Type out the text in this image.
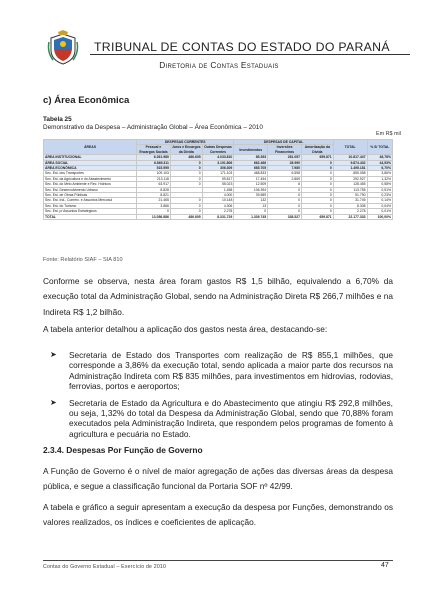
TRIBUNAL DE CONTAS DO ESTADO DO PARANÁ
Diretoria de Contas Estaduais
c) Área Econômica
Tabela 25
Demonstrativo da Despesa – Administração Global – Área Econômica – 2010
Em R$ mil
ÁREAS	DESPESAS CORRENTES			DESPESAS DE CAPITAL			TOTAL	% S/ TOTAL
	Pessoal e Encargos Sociais	Juros e Encargos da Dívida	Outras Despesas Correntes	Investimentos	Inversões Financeiras	Amortização da Dívida		
ÁREA INSTITUCIONAL	6.261.980	486.605	4.033.810	85.393	281.057	659.871	10.817.447	48,78%
ÁREA SOCIAL	6.869.311	0	3.191.806	662.466	28.990	0	9.874.432	44,53%
ÁREA ECONÔMICA	515.595	0	306.309	665.705	7.980	0	1.495.181	6,70%
Sec. Est. dos Transportes	109.103	0	171.103	468.833	6.558	0	855.058	3,86%
Sec. Est. da Agricultura e do Abastecimento	213.118	0	59.817	17.454	2.869	0	292.927	1,32%
Sec. Est. do Meio Ambiente e Rec. Hídricos	63.917	0	55.023	12.509	6	0	128.455	0,58%
Sec. Est. Desenvolvimento Urbano	8.828		1.458	106.394	0	0	113.755	0,51%
Sec. Est. de Obras Públicas	8.821		4.000	39.589	0	0	51.790	0,23%
Sec. Est. Ind., Comérc. e Assuntos Mercosul	21.465	0	10.148	132	0	0	31.745	0,14%
Sec. Est. do Turismo	3.866	0	4.306	13	0	0	8.308	0,04%
Sec. Est. p/ Assuntos Estratégicos	0	0	2.278	0	0	0	2.278	0,01%
TOTAL	13.056.886	486.605	8.331.729	1.339.745	338.527	659.871	22.177.333	100,00%
Fonte: Relatório SIAF – SIA 810
Conforme se observa, nesta área foram gastos R$ 1,5 bilhão, equivalendo a 6,70% da execução total da Administração Global, sendo na Administração Direta R$ 266,7 milhões e na Indireta R$ 1,2 bilhão.
A tabela anterior detalhou a aplicação dos gastos nesta área, destacando-se:
➤ Secretaria de Estado dos Transportes com realização de R$ 855,1 milhões, que corresponde a 3,86% da execução total, sendo aplicada a maior parte dos recursos na Administração Indireta com R$ 835 milhões, para investimentos em hidrovias, rodovias, ferrovias, portos e aeroportos;
➤ Secretaria de Estado da Agricultura e do Abastecimento que atingiu R$ 292,8 milhões, ou seja, 1,32% do total da Despesa da Administração Global, sendo que 70,88% foram executados pela Administração Indireta, que respondem pelos programas de fomento à agricultura e pecuária no Estado.
2.3.4. Despesas Por Função de Governo
A Função de Governo é o nível de maior agregação de ações das diversas áreas da despesa pública, e segue a classificação funcional da Portaria SOF nº 42/99.
A tabela e gráfico a seguir apresentam a execução da despesa por Funções, demonstrando os valores realizados, os índices e coeficientes de aplicação.
Contas do Governo Estadual – Exercício de 2010	47
